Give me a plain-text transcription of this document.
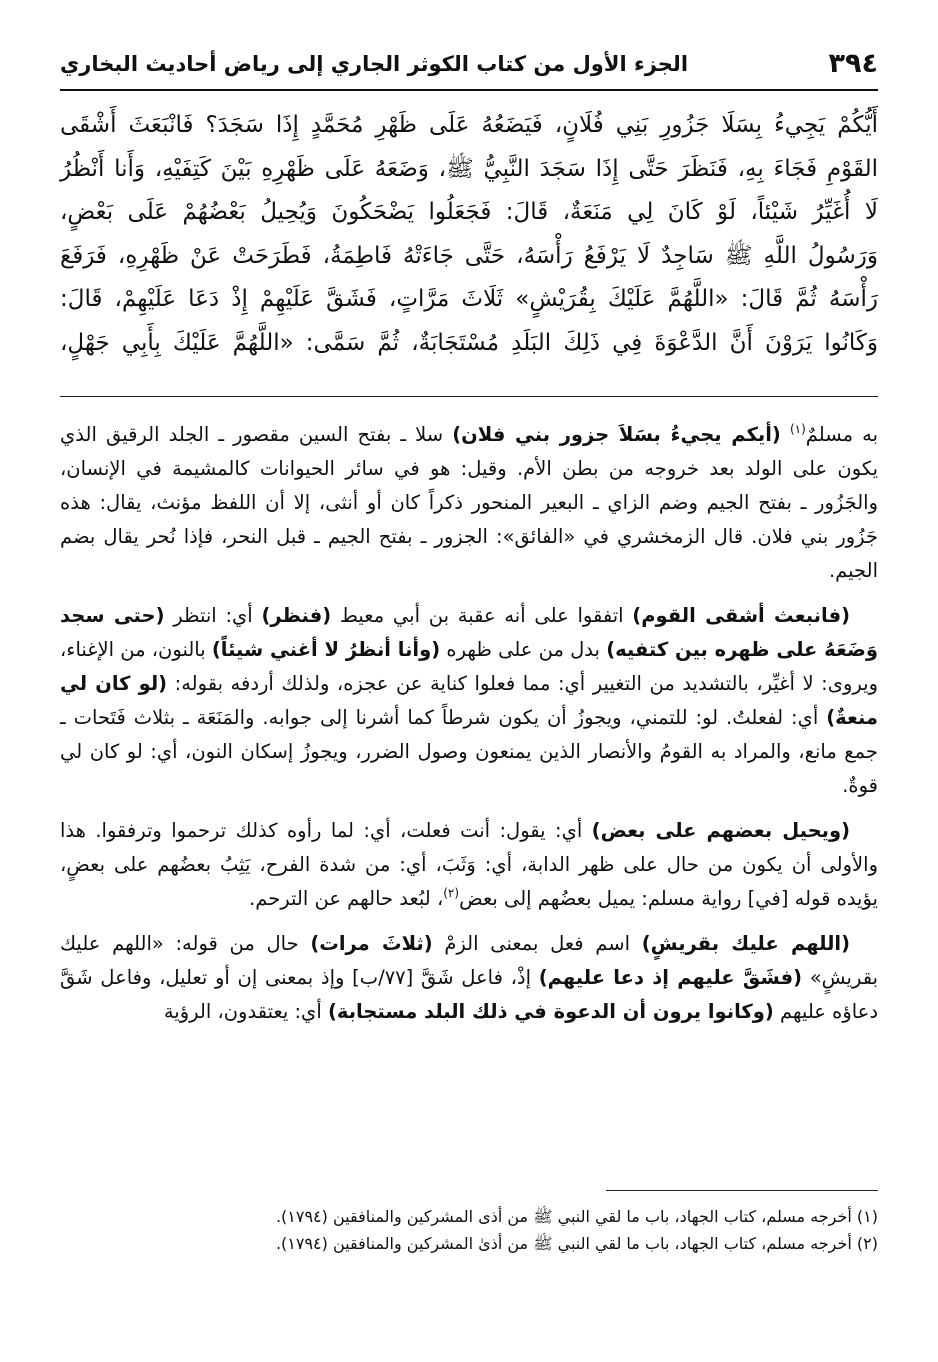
٣٩٤
الجزء الأول من كتاب الكوثر الجاري إلى رياض أحاديث البخاري

أَيُّكُمْ يَجِيءُ بِسَلَا جَزُورِ بَنِي فُلَانٍ، فَيَضَعُهُ عَلَى ظَهْرِ مُحَمَّدٍ إِذَا سَجَدَ؟ فَانْبَعَثَ أَشْقَى

القَوْمِ فَجَاءَ بِهِ، فَنَظَرَ حَتَّى إِذَا سَجَدَ النَّبِيُّ ﷺ، وَضَعَهُ عَلَى ظَهْرِهِ بَيْنَ كَتِفَيْهِ، وَأَنا أَنْظُرُ

لَا أُغَيِّرُ شَيْئاً، لَوْ كَانَ لِي مَنَعَةٌ، قَالَ: فَجَعَلُوا يَضْحَكُونَ وَيُحِيلُ بَعْضُهُمْ عَلَى بَعْضٍ،

وَرَسُولُ اللَّهِ ﷺ سَاجِدٌ لَا يَرْفَعُ رَأْسَهُ، حَتَّى جَاءَتْهُ فَاطِمَةُ، فَطَرَحَتْ عَنْ ظَهْرِهِ، فَرَفَعَ

رَأْسَهُ ثُمَّ قَالَ: «اللَّهُمَّ عَلَيْكَ بِقُرَيْشٍ» ثَلَاثَ مَرَّاتٍ، فَشَقَّ عَلَيْهِمْ إِذْ دَعَا عَلَيْهِمْ، قَالَ:

وَكَانُوا يَرَوْنَ أَنَّ الدَّعْوَةَ فِي ذَلِكَ البَلَدِ مُسْتَجَابَةٌ، ثُمَّ سَمَّى: «اللَّهُمَّ عَلَيْكَ بِأَبِي جَهْلٍ،

به مسلمٌ$^{(١)}$ (أيكم يجيءُ بسَلاَ جزور بني فلان) سلا ـ بفتح السين مقصور ـ الجلد الرقيق الذي يكون على الولد بعد خروجه من بطن الأم. وقيل: هو في سائر الحيوانات كالمشيمة في الإنسان، والجَزُور ـ بفتح الجيم وضم الزاي ـ البعير المنحور ذكراً كان أو أنثى، إلا أن اللفظ مؤنث، يقال: هذه جَزُور بني فلان. قال الزمخشري في «الفائق»: الجزور ـ بفتح الجيم ـ قبل النحر، فإذا نُحر يقال بضم الجيم.

(فانبعث أشقى القوم) اتفقوا على أنه عقبة بن أبي معيط (فنظر) أي: انتظر (حتى سجد وَضَعَهُ على ظهره بين كتفيه) بدل من على ظهره (وأنا أنظرُ لا أغني شيئاً) بالنون، من الإغناء، ويروى: لا أغيِّر، بالتشديد من التغيير أي: مما فعلوا كناية عن عجزه، ولذلك أردفه بقوله: (لو كان لي منعةٌ) أي: لفعلتُ. لو: للتمني، ويجوزُ أن يكون شرطاً كما أشرنا إلى جوابه. والمَنَعَة ـ بثلاث فَتَحات ـ جمع مانع، والمراد به القومُ والأنصار الذين يمنعون وصول الضرر، ويجوزُ إسكان النون، أي: لو كان لي قوةٌ.

(ويحيل بعضهم على بعض) أي: يقول: أنت فعلت، أي: لما رأوه كذلك ترحموا وترفقوا. هذا والأولى أن يكون من حال على ظهر الدابة، أي: وَثَبَ، أي: من شدة الفرح، يَثِبُ بعضُهم على بعضٍ، يؤيده قوله [في] رواية مسلم: يميل بعضُهم إلى بعض$^{(٢)}$، لبُعد حالهم عن الترحم.

(اللهم عليك بقريشٍ) اسم فعل بمعنى الزمْ (ثلاثَ مرات) حال من قوله: «اللهم عليك بقريشٍ» (فشَقَّ عليهم إذ دعا عليهم) إذْ، فاعل شَقَّ [٧٧/ب] وإذ بمعنى إن أو تعليل، وفاعل شَقَّ دعاؤه عليهم (وكانوا يرون أن الدعوة في ذلك البلد مستجابة) أي: يعتقدون، الرؤية

(١) أخرجه مسلم، كتاب الجهاد، باب ما لقي النبي ﷺ من أذى المشركين والمنافقين (١٧٩٤).
(٢) أخرجه مسلم، كتاب الجهاد، باب ما لقي النبي ﷺ من أذىٰ المشركين والمنافقين (١٧٩٤).
